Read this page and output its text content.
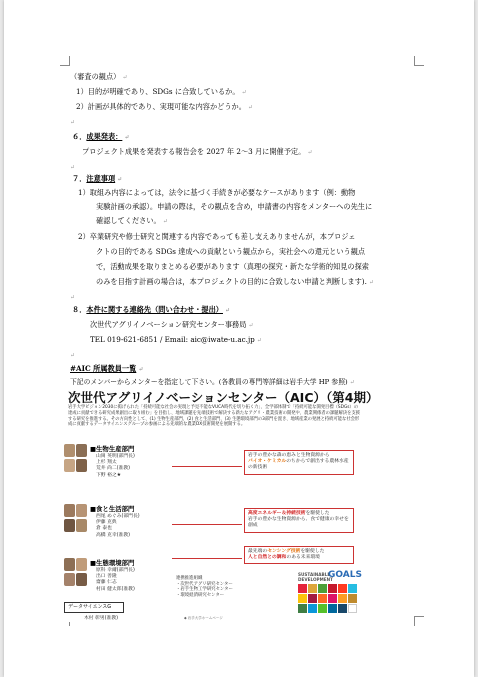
（審査の観点） ↵
1）目的が明確であり、SDGs に合致しているか。 ↵
2）計画が具体的であり、実現可能な内容かどうか。 ↵
↵
６．成果発表： ↵
プロジェクト成果を発表する報告会を 2027 年 2～3 月に開催予定。 ↵
↵
７．注意事項 ↵
1）取組み内容によっては，法令に基づく手続きが必要なケースがあります（例：動物
実験計画の承認）。申請の際は，その観点を含め，申請書の内容をメンターへの先生に
確認してください。 ↵
2）卒業研究や修士研究と関連する内容であっても差し支えありませんが，本プロジェ
クトの目的である SDGs 達成への貢献という観点から，実社会への還元という観点
で，活動成果を取りまとめる必要があります（真理の探究・新たな学術的知見の探索
のみを目指す計画の場合は，本プロジェクトの目的に合致しない申請と判断します). ↵
↵
８．本件に関する連絡先（問い合わせ・提出） ↵
次世代アグリイノベーション研究センター事務局 ↵
TEL 019-621-6851 / Email: aic@iwate-u.ac.jp ↵
↵
#AIC 所属教員一覧 ↵
下記のメンバーからメンターを指定して下さい。(各教員の専門等詳細は岩手大学 HP 参照) ↵
次世代アグリイノベーションセンター（AIC）（第4期）
岩手大学ビジョン2030に掲げられた「持続可能な社会の実現と予見不能なVUCA時代を切り拓く力」、全学部体制で「持続可能な開発目標（SDGs）の達成に貢献できる研究成果創出に取り組む」を目指し、地域課題を先端技術で解決する新たなアグリ・農業技術の開発や、農業関係者の課題解決を支援する研究を推進する。その方向性として、(1) 生物生産部門、(2) 食と生活部門、(3) 生態環境部門の3部門を置き、地域産業の発展と持続可能な社会形成に貢献するデータサイエンスグループの参画による先端的な農業DX技術開発を展開する。
■生物生産部門
山岡 英明(部門長)
上杉 翔太
荒井 尚二(准教)
下野 裕之★
岩手の豊かな森の恵みと生物資源から
バイオ・ケミカルのちからで創出する農林水産の新技術
■食と生活部門
西尾 めぐみ(部門長)
伊藤 克典
倉 泰也
高橋 克幸(准教)
高度エネルギー＆持続技術を駆使した
岩手の豊かな生物資源から、食で健康の幸せを創成
■生態環境部門
原科 幸爾(部門長)
出口 善隆
齋藤 仁志
村田 健太郎(准教)
最先端のセンシング技術を駆使した
人と自然との調和のある未来環境
データサイエンスG
木村 彰男(准教)
連携推進組織
・次世代アグリ研究センター
・岩手生物工学研究センター
・環境経済研究センター
SUSTAINABLE
DEVELOPMENT
GOALS
◆ 岩手大学ホームページ
